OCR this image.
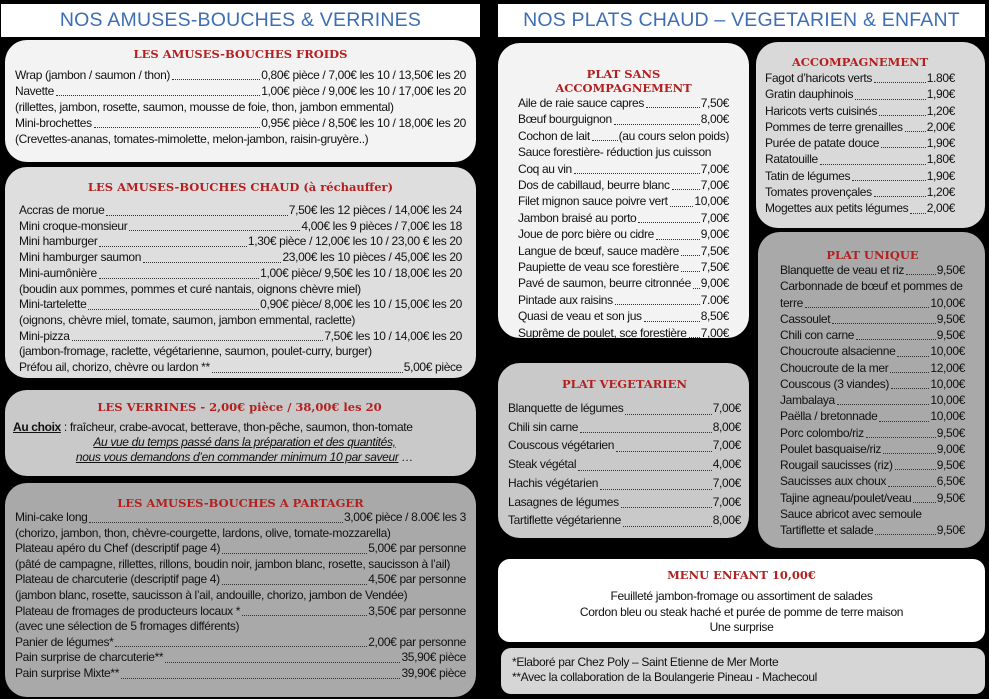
NOS AMUSES-BOUCHES & VERRINES	NOS PLATS CHAUD – VEGETARIEN & ENFANT
LES AMUSES-BOUCHES FROIDS
Wrap (jambon / saumon / thon)	0,80€ pièce / 7,00€ les 10 / 13,50€ les 20
Navette	1,00€ pièce / 9,00€ les 10 / 17,00€ les 20
(rillettes, jambon, rosette, saumon, mousse de foie, thon, jambon emmental)
Mini-brochettes	0,95€ pièce / 8,50€ les 10 / 18,00€ les 20
(Crevettes-ananas, tomates-mimolette, melon-jambon, raisin-gruyère..)
LES AMUSES-BOUCHES CHAUD (à réchauffer)
Accras de morue	7,50€ les 12 pièces / 14,00€ les 24
Mini croque-monsieur	4,00€ les 9 pièces / 7,00€ les 18
Mini hamburger	1,30€ pièce / 12,00€ les 10 / 23,00 € les 20
Mini hamburger saumon	23,00€ les 10 pièces / 45,00€ les 20
Mini-aumônière	1,00€ pièce/ 9,50€ les 10 / 18,00€ les 20
(boudin aux pommes, pommes et curé nantais, oignons chèvre miel)
Mini-tartelette	0,90€ pièce/ 8,00€ les 10 / 15,00€ les 20
(oignons, chèvre miel, tomate, saumon, jambon emmental, raclette)
Mini-pizza	7,50€ les 10 / 14,00€ les 20
(jambon-fromage, raclette, végétarienne, saumon, poulet-curry, burger)
Préfou ail, chorizo, chèvre ou lardon **	5,00€ pièce
LES VERRINES - 2,00€ pièce / 38,00€ les 20
Au choix : fraîcheur, crabe-avocat, betterave, thon-pêche, saumon, thon-tomate
Au vue du temps passé dans la préparation et des quantités,
nous vous demandons d’en commander minimum 10 par saveur …
LES AMUSES-BOUCHES A PARTAGER
Mini-cake long	3,00€ pièce / 8.00€ les 3
(chorizo, jambon, thon, chèvre-courgette, lardons, olive, tomate-mozzarella)
Plateau apéro du Chef (descriptif page 4)	5,00€ par personne
(pâté de campagne, rillettes, rillons, boudin noir, jambon blanc, rosette, saucisson à l’ail)
Plateau de charcuterie (descriptif page 4)	4,50€ par personne
(jambon blanc, rosette, saucisson à l’ail, andouille, chorizo, jambon de Vendée)
Plateau de fromages de producteurs locaux *	3,50€ par personne
(avec une sélection de 5 fromages différents)
Panier de légumes*	2,00€ par personne
Pain surprise de charcuterie**	35,90€ pièce
Pain surprise Mixte**	39,90€ pièce
PLAT SANS ACCOMPAGNEMENT
Aile de raie sauce capres	7,50€
Bœuf bourguignon	8,00€
Cochon de lait (au cours selon poids)
Sauce forestière- réduction jus cuisson
Coq au vin	7,00€
Dos de cabillaud, beurre blanc	7,00€
Filet mignon sauce poivre vert 10,00€
Jambon braisé au porto	7,00€
Joue de porc bière ou cidre	9,00€
Langue de bœuf, sauce madère 7,50€
Paupiette de veau sce forestière 7,50€
Pavé de saumon, beurre citronnée 9,00€
Pintade aux raisins	7.00€
Quasi de veau et son jus	8,50€
Suprême de poulet, sce forestière 7,00€
ACCOMPAGNEMENT
Fagot d’haricots verts	1.80€
Gratin dauphinois	1,90€
Haricots verts cuisinés	1,20€
Pommes de terre grenailles 2,00€
Purée de patate douce	1,90€
Ratatouille	1,80€
Tatin de légumes	1,90€
Tomates provençales	1,20€
Mogettes aux petits légumes 2,00€
PLAT UNIQUE
Blanquette de veau et riz	9,50€
Carbonnade de bœuf et pommes de
terre	10,00€
Cassoulet	9,50€
Chili con carne	9,50€
Choucroute alsacienne	10,00€
Choucroute de la mer	12,00€
Couscous (3 viandes)	10,00€
Jambalaya	10,00€
Paëlla / bretonnade	10,00€
Porc colombo/riz	9,50€
Poulet basquaise/riz	9,00€
Rougail saucisses (riz)	9,50€
Saucisses aux choux	6,50€
Tajine agneau/poulet/veau 9,50€
Sauce abricot avec semoule
Tartiflette et salade	9,50€
PLAT VEGETARIEN
Blanquette de légumes	7,00€
Chili sin carne	8,00€
Couscous végétarien	7,00€
Steak végétal	4,00€
Hachis végétarien	7,00€
Lasagnes de légumes	7,00€
Tartiflette végétarienne	8,00€
MENU ENFANT 10,00€
Feuilleté jambon-fromage ou assortiment de salades
Cordon bleu ou steak haché et purée de pomme de terre maison
Une surprise
*Elaboré par Chez Poly – Saint Etienne de Mer Morte
**Avec la collaboration de la Boulangerie Pineau - Machecoul
